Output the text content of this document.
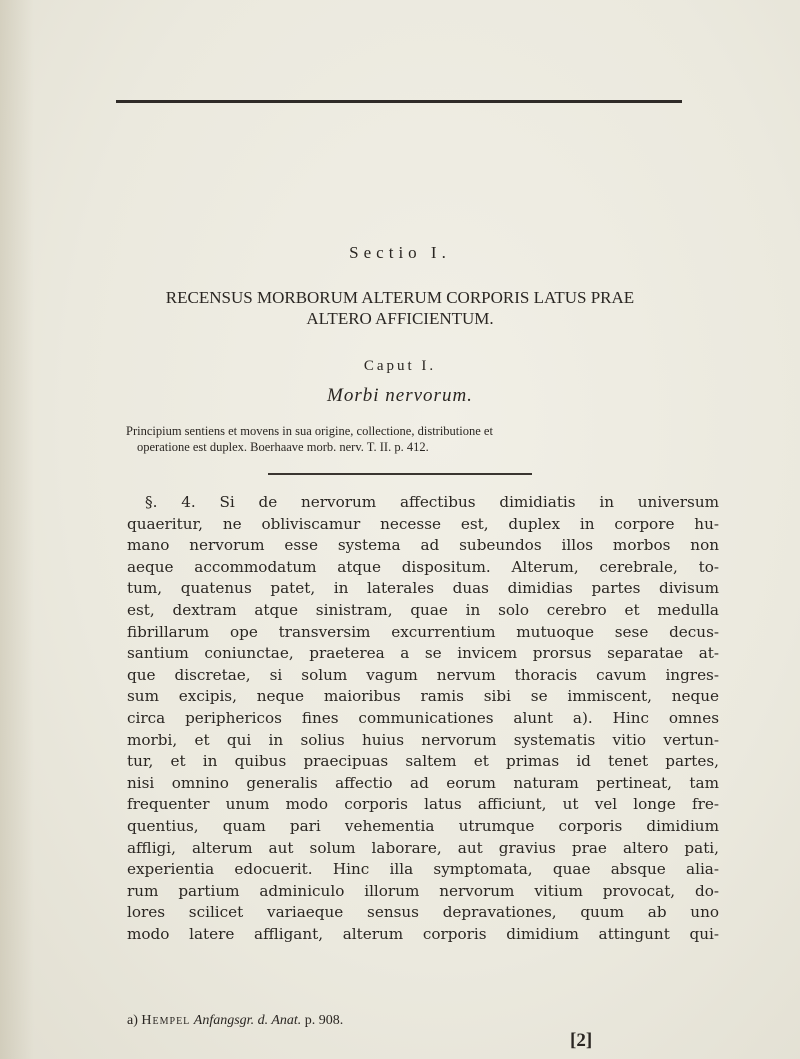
Sectio I.
RECENSUS MORBORUM ALTERUM CORPORIS LATUS PRAE
ALTERO AFFICIENTUM.
Caput I.
Morbi nervorum.
Principium sentiens et movens in sua origine, collectione, distributione et
operatione est duplex. Boerhaave morb. nerv. T. II. p. 412.
§. 4. Si de nervorum affectibus dimidiatis in universum
quaeritur, ne obliviscamur necesse est, duplex in corpore hu-
mano nervorum esse systema ad subeundos illos morbos non
aeque accommodatum atque dispositum. Alterum, cerebrale, to-
tum, quatenus patet, in laterales duas dimidias partes divisum
est, dextram atque sinistram, quae in solo cerebro et medulla
fibrillarum ope transversim excurrentium mutuoque sese decus-
santium coniunctae, praeterea a se invicem prorsus separatae at-
que discretae, si solum vagum nervum thoracis cavum ingres-
sum excipis, neque maioribus ramis sibi se immiscent, neque
circa periphericos fines communicationes alunt a). Hinc omnes
morbi, et qui in solius huius nervorum systematis vitio vertun-
tur, et in quibus praecipuas saltem et primas id tenet partes,
nisi omnino generalis affectio ad eorum naturam pertineat, tam
frequenter unum modo corporis latus afficiunt, ut vel longe fre-
quentius, quam pari vehementia utrumque corporis dimidium
affligi, alterum aut solum laborare, aut gravius prae altero pati,
experientia edocuerit. Hinc illa symptomata, quae absque alia-
rum partium adminiculo illorum nervorum vitium provocat, do-
lores scilicet variaeque sensus depravationes, quum ab uno
modo latere affligant, alterum corporis dimidium attingunt qui-
a) Hempel Anfangsgr. d. Anat. p. 908.
[2]
